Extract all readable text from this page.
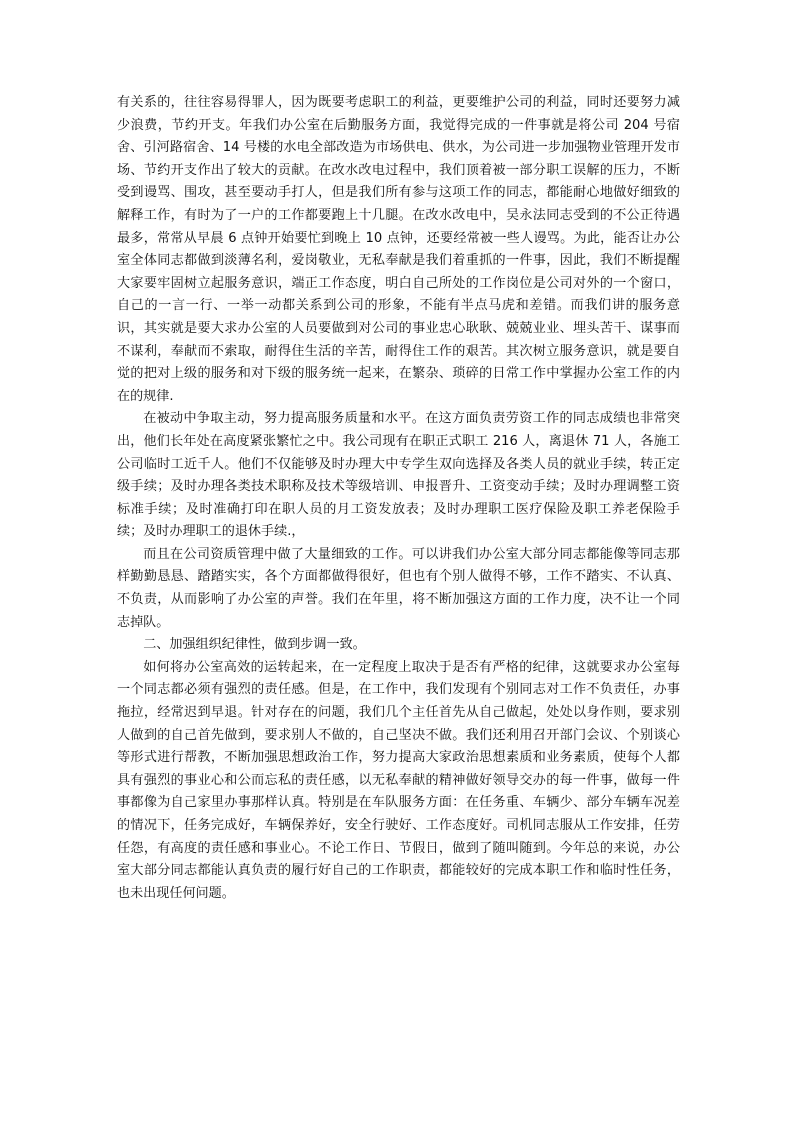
有关系的，往往容易得罪人，因为既要考虑职工的利益，更要维护公司的利益，同时还要努力减少浪费，节约开支。年我们办公室在后勤服务方面，我觉得完成的一件事就是将公司 204 号宿舍、引河路宿舍、14 号楼的水电全部改造为市场供电、供水，为公司进一步加强物业管理开发市场、节约开支作出了较大的贡献。在改水改电过程中，我们顶着被一部分职工误解的压力，不断受到谩骂、围攻，甚至要动手打人，但是我们所有参与这项工作的同志，都能耐心地做好细致的解释工作，有时为了一户的工作都要跑上十几腿。在改水改电中，吴永法同志受到的不公正待遇最多，常常从早晨 6 点钟开始要忙到晚上 10 点钟，还要经常被一些人谩骂。为此，能否让办公室全体同志都做到淡薄名利，爱岗敬业，无私奉献是我们着重抓的一件事，因此，我们不断提醒大家要牢固树立起服务意识，端正工作态度，明白自己所处的工作岗位是公司对外的一个窗口，自己的一言一行、一举一动都关系到公司的形象，不能有半点马虎和差错。而我们讲的服务意识，其实就是要大求办公室的人员要做到对公司的事业忠心耿耿、兢兢业业、埋头苦干、谋事而不谋利，奉献而不索取，耐得住生活的辛苦，耐得住工作的艰苦。其次树立服务意识，就是要自觉的把对上级的服务和对下级的服务统一起来，在繁杂、琐碎的日常工作中掌握办公室工作的内在的规律.

在被动中争取主动，努力提高服务质量和水平。在这方面负责劳资工作的同志成绩也非常突出，他们长年处在高度紧张繁忙之中。我公司现有在职正式职工 216 人，离退休 71 人，各施工公司临时工近千人。他们不仅能够及时办理大中专学生双向选择及各类人员的就业手续，转正定级手续；及时办理各类技术职称及技术等级培训、申报晋升、工资变动手续；及时办理调整工资标准手续；及时准确打印在职人员的月工资发放表；及时办理职工医疗保险及职工养老保险手续；及时办理职工的退休手续.，

而且在公司资质管理中做了大量细致的工作。可以讲我们办公室大部分同志都能像等同志那样勤勤恳恳、踏踏实实，各个方面都做得很好，但也有个别人做得不够，工作不踏实、不认真、不负责，从而影响了办公室的声誉。我们在年里，将不断加强这方面的工作力度，决不让一个同志掉队。

二、加强组织纪律性，做到步调一致。

如何将办公室高效的运转起来，在一定程度上取决于是否有严格的纪律，这就要求办公室每一个同志都必须有强烈的责任感。但是，在工作中，我们发现有个别同志对工作不负责任，办事拖拉，经常迟到早退。针对存在的问题，我们几个主任首先从自己做起，处处以身作则，要求别人做到的自己首先做到，要求别人不做的，自己坚决不做。我们还利用召开部门会议、个别谈心等形式进行帮教，不断加强思想政治工作，努力提高大家政治思想素质和业务素质，使每个人都具有强烈的事业心和公而忘私的责任感，以无私奉献的精神做好领导交办的每一件事，做每一件事都像为自己家里办事那样认真。特别是在车队服务方面：在任务重、车辆少、部分车辆车况差的情况下，任务完成好，车辆保养好，安全行驶好、工作态度好。司机同志服从工作安排，任劳任怨，有高度的责任感和事业心。不论工作日、节假日，做到了随叫随到。今年总的来说，办公室大部分同志都能认真负责的履行好自己的工作职责，都能较好的完成本职工作和临时性任务，也未出现任何问题。
